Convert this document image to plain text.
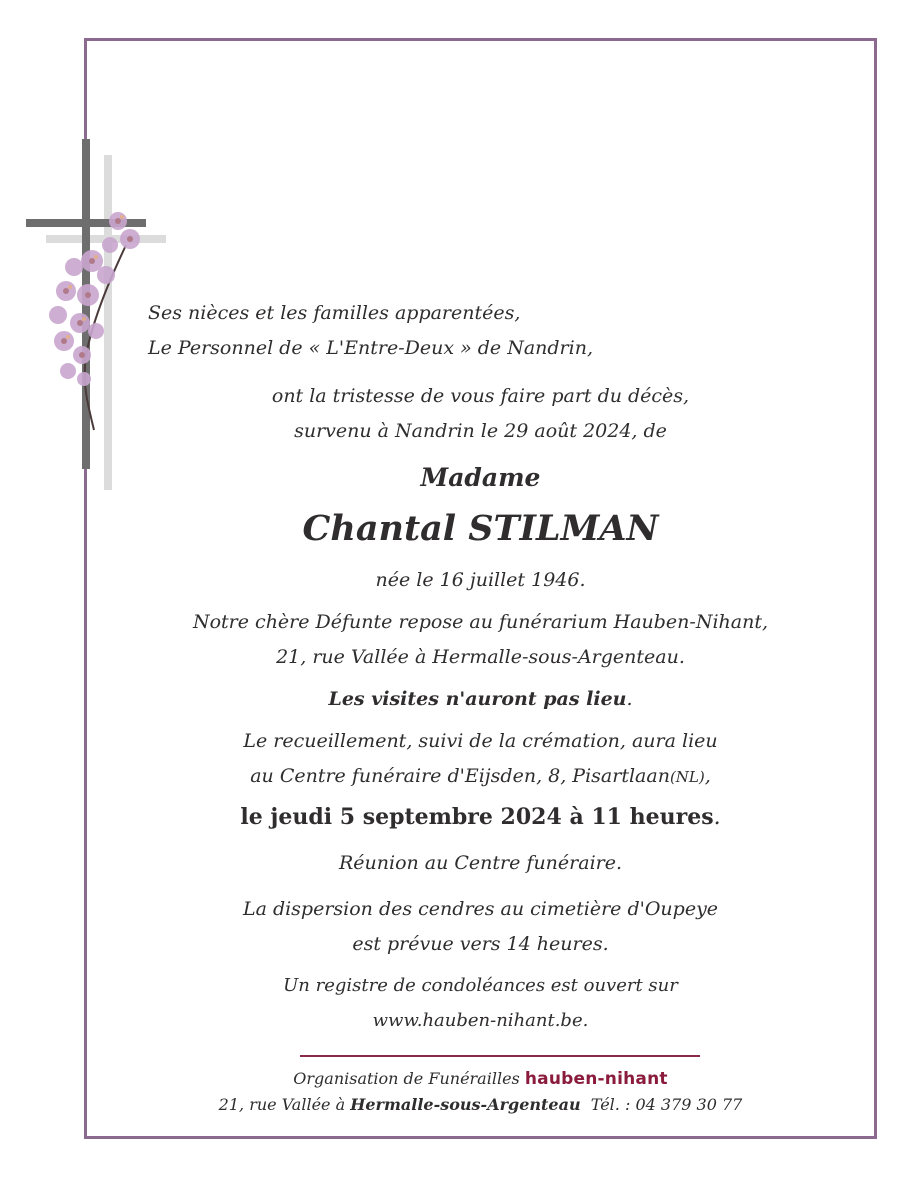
Ses nièces et les familles apparentées,
Le Personnel de « L'Entre-Deux » de Nandrin,
ont la tristesse de vous faire part du décès,
survenu à Nandrin le 29 août 2024, de
Madame
Chantal STILMAN
née le 16 juillet 1946.
Notre chère Défunte repose au funérarium Hauben-Nihant,
21, rue Vallée à Hermalle-sous-Argenteau.
Les visites n'auront pas lieu.
Le recueillement, suivi de la crémation, aura lieu
au Centre funéraire d'Eijsden, 8, Pisartlaan(NL),
le jeudi 5 septembre 2024 à 11 heures.
Réunion au Centre funéraire.
La dispersion des cendres au cimetière d'Oupeye
est prévue vers 14 heures.
Un registre de condoléances est ouvert sur
www.hauben-nihant.be.
Organisation de Funérailles hauben-nihant
21, rue Vallée à Hermalle-sous-Argenteau Tél. : 04 379 30 77
